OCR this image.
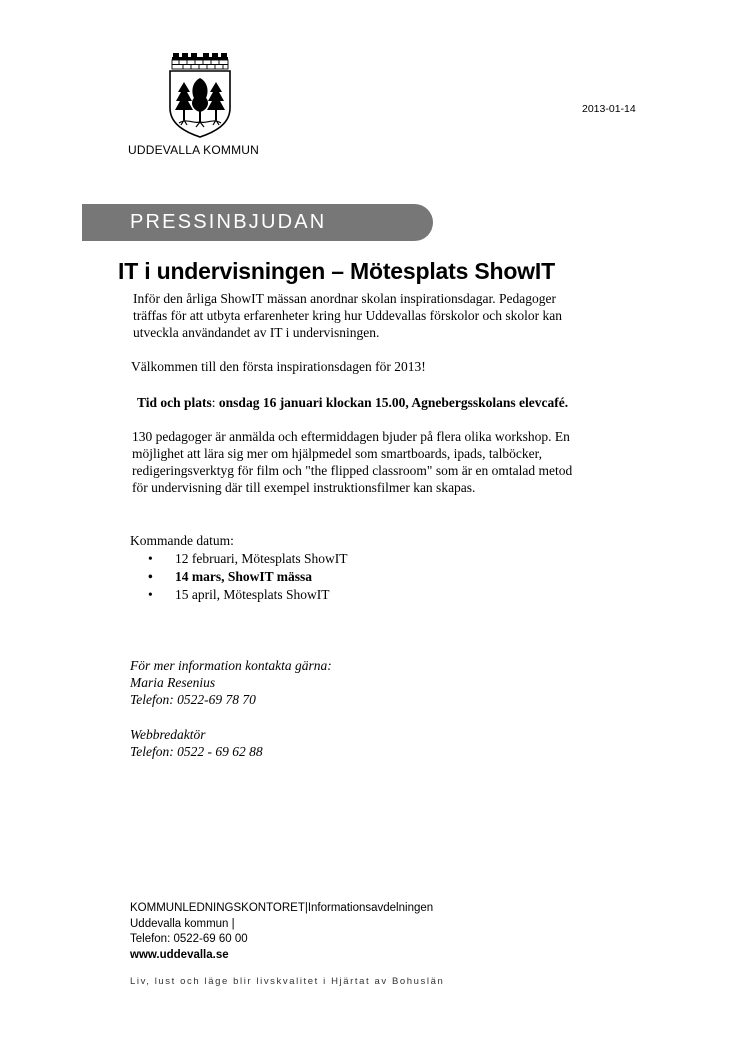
UDDEVALLA KOMMUN
2013-01-14
PRESSINBJUDAN
IT i undervisningen – Mötesplats ShowIT
Inför den årliga ShowIT mässan anordnar skolan inspirationsdagar. Pedagoger
träffas för att utbyta erfarenheter kring hur Uddevallas förskolor och skolor kan
utveckla användandet av IT i undervisningen.
Välkommen till den första inspirationsdagen för 2013!
Tid och plats: onsdag 16 januari klockan 15.00, Agnebergsskolans elevcafé.
130 pedagoger är anmälda och eftermiddagen bjuder på flera olika workshop. En
möjlighet att lära sig mer om hjälpmedel som smartboards, ipads, talböcker,
redigeringsverktyg för film och "the flipped classroom" som är en omtalad metod
för undervisning där till exempel instruktionsfilmer kan skapas.
Kommande datum:
• 12 februari, Mötesplats ShowIT
• 14 mars, ShowIT mässa
• 15 april, Mötesplats ShowIT
För mer information kontakta gärna:
Maria Resenius
Telefon: 0522-69 78 70
Webbredaktör
Telefon: 0522 - 69 62 88
KOMMUNLEDNINGSKONTORET|Informationsavdelningen
Uddevalla kommun |
Telefon: 0522-69 60 00
www.uddevalla.se
Liv, lust och läge blir livskvalitet i Hjärtat av Bohuslän
